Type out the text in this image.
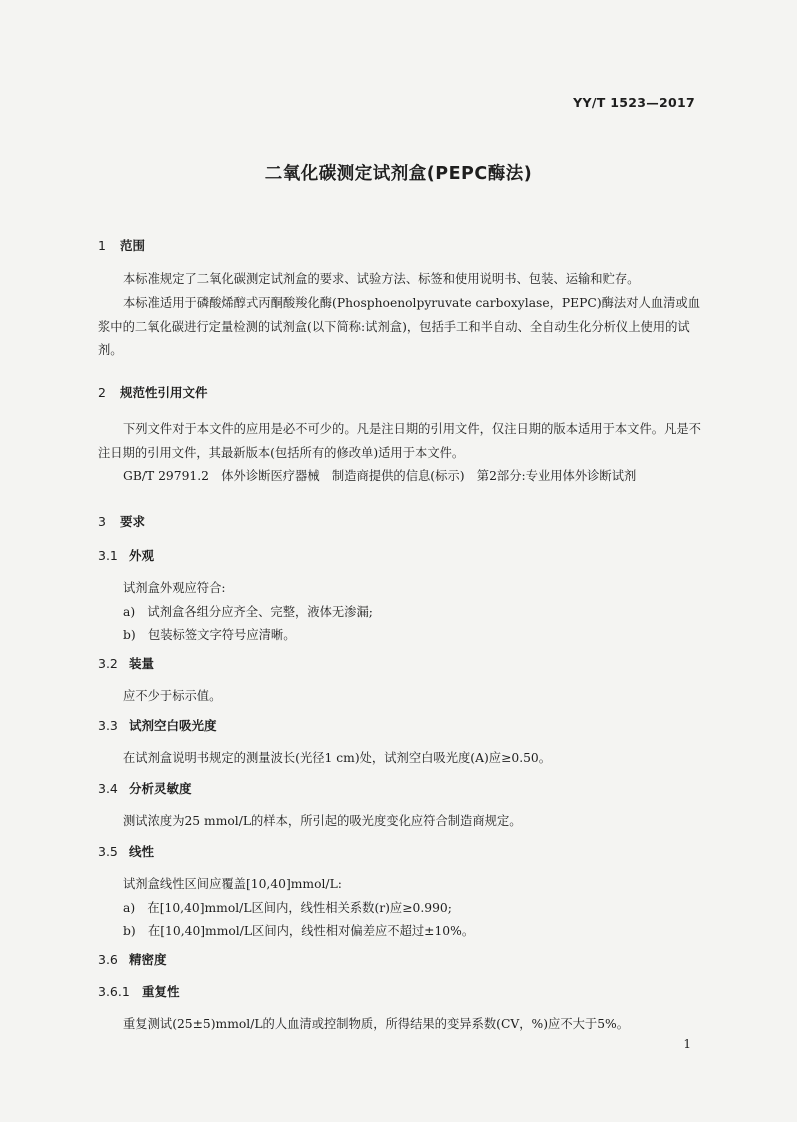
YY/T 1523—2017
二氧化碳测定试剂盒(PEPC酶法)
1 范围
本标准规定了二氧化碳测定试剂盒的要求、试验方法、标签和使用说明书、包装、运输和贮存。
本标准适用于磷酸烯醇式丙酮酸羧化酶(Phosphoenolpyruvate carboxylase，PEPC)酶法对人血清或血浆中的二氧化碳进行定量检测的试剂盒(以下简称:试剂盒)，包括手工和半自动、全自动生化分析仪上使用的试剂。
2 规范性引用文件
下列文件对于本文件的应用是必不可少的。凡是注日期的引用文件，仅注日期的版本适用于本文件。凡是不注日期的引用文件，其最新版本(包括所有的修改单)适用于本文件。
GB/T 29791.2　体外诊断医疗器械　制造商提供的信息(标示)　第2部分:专业用体外诊断试剂
3 要求
3.1 外观
试剂盒外观应符合:
a)　试剂盒各组分应齐全、完整，液体无渗漏;
b)　包装标签文字符号应清晰。
3.2 装量
应不少于标示值。
3.3 试剂空白吸光度
在试剂盒说明书规定的测量波长(光径1 cm)处，试剂空白吸光度(A)应≥0.50。
3.4 分析灵敏度
测试浓度为25 mmol/L的样本，所引起的吸光度变化应符合制造商规定。
3.5 线性
试剂盒线性区间应覆盖[10,40]mmol/L:
a)　在[10,40]mmol/L区间内，线性相关系数(r)应≥0.990;
b)　在[10,40]mmol/L区间内，线性相对偏差应不超过±10%。
3.6 精密度
3.6.1 重复性
重复测试(25±5)mmol/L的人血清或控制物质，所得结果的变异系数(CV，%)应不大于5%。
1
